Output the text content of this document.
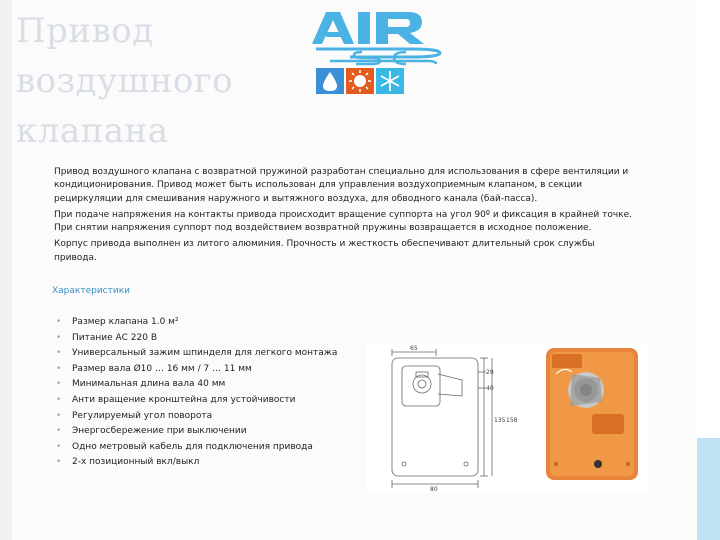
Привод
воздушного
клапана

Привод воздушного клапана с возвратной пружиной разработан специально для использования в сфере вентиляции и кондиционирования. Привод может быть использован для управления воздухоприемным клапаном, в секции рециркуляции для смешивания наружного и вытяжного воздуха, для обводного канала (бай-пасса).

При подаче напряжения на контакты привода происходит вращение суппорта на угол 90º и фиксация в крайней точке. При снятии напряжения суппорт под воздействием возвратной пружины возвращается в исходное положение.

Корпус привода выполнен из литого алюминия. Прочность и жесткость обеспечивают длительный срок службы привода.

Характеристики
• Размер клапана 1.0 м²
• Питание АС 220 В
• Универсальный зажим шпинделя для легкого монтажа
• Размер вала Ø10 … 16 мм / 7 … 11 мм
• Минимальная длина вала 40 мм
• Анти вращение кронштейна для устойчивости
• Регулируемый угол поворота
• Энергосбережение при выключении
• Одно метровый кабель для подключения привода
• 2-х позиционный вкл/выкл
65
29
40
135 158
80
